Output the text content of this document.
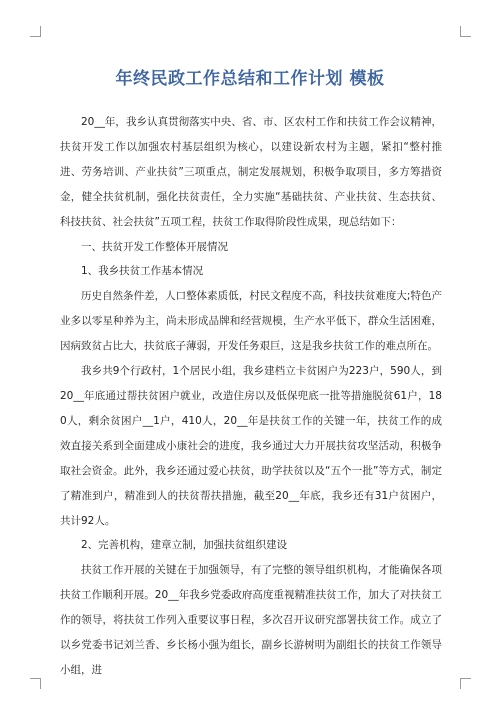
年终民政工作总结和工作计划 模板

20__年，我乡认真贯彻落实中央、省、市、区农村工作和扶贫工作会议精神，扶贫开发工作以加强农村基层组织为核心，以建设新农村为主题，紧扣“整村推进、劳务培训、产业扶贫”三项重点，制定发展规划，积极争取项目，多方筹措资金，健全扶贫机制，强化扶贫责任，全力实施“基础扶贫、产业扶贫、生态扶贫、科技扶贫、社会扶贫”五项工程，扶贫工作取得阶段性成果，现总结如下：

一、扶贫开发工作整体开展情况

1、我乡扶贫工作基本情况

历史自然条件差，人口整体素质低，村民文程度不高，科技扶贫难度大;特色产业多以零星种养为主，尚未形成品牌和经营规模，生产水平低下，群众生活困难，因病致贫占比大，扶贫底子薄弱，开发任务艰巨，这是我乡扶贫工作的难点所在。

我乡共9个行政村，1个居民小组，我乡建档立卡贫困户为223户，590人，到20__年底通过帮扶贫困户就业，改造住房以及低保兜底一批等措施脱贫61户，180人，剩余贫困户__1户，410人，20__年是扶贫工作的关键一年，扶贫工作的成效直接关系到全面建成小康社会的进度，我乡通过大力开展扶贫攻坚活动，积极争取社会资金。此外，我乡还通过爱心扶贫，助学扶贫以及“五个一批”等方式，制定了精准到户，精准到人的扶贫帮扶措施，截至20__年底，我乡还有31户贫困户，共计92人。

2、完善机构，建章立制，加强扶贫组织建设

扶贫工作开展的关键在于加强领导，有了完整的领导组织机构，才能确保各项扶贫工作顺利开展。20__年我乡党委政府高度重视精准扶贫工作，加大了对扶贫工作的领导，将扶贫工作列入重要议事日程，多次召开议研究部署扶贫工作。成立了以乡党委书记刘兰香、乡长杨小强为组长，副乡长游树明为副组长的扶贫工作领导小组，进
